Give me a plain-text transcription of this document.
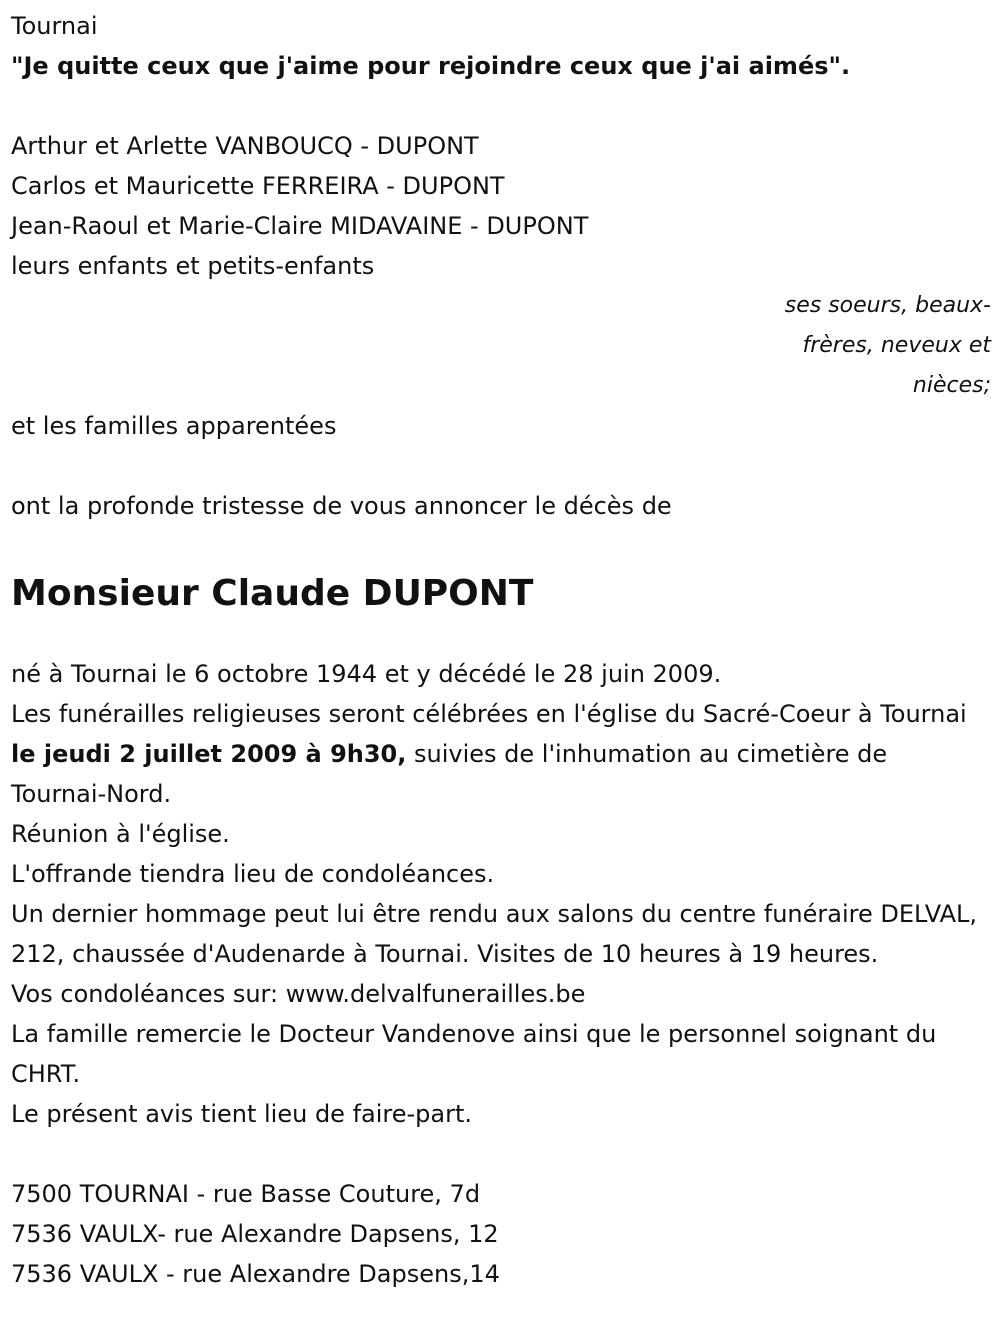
Tournai
"Je quitte ceux que j'aime pour rejoindre ceux que j'ai aimés".
Arthur et Arlette VANBOUCQ - DUPONT
Carlos et Mauricette FERREIRA - DUPONT
Jean-Raoul et Marie-Claire MIDAVAINE - DUPONT
leurs enfants et petits-enfants
ses soeurs, beaux-
frères, neveux et
nièces;
et les familles apparentées
ont la profonde tristesse de vous annoncer le décès de
Monsieur Claude DUPONT
né à Tournai le 6 octobre 1944 et y décédé le 28 juin 2009.
Les funérailles religieuses seront célébrées en l'église du Sacré-Coeur à Tournai le jeudi 2 juillet 2009 à 9h30, suivies de l'inhumation au cimetière de Tournai-Nord.
Réunion à l'église.
L'offrande tiendra lieu de condoléances.
Un dernier hommage peut lui être rendu aux salons du centre funéraire DELVAL, 212, chaussée d'Audenarde à Tournai. Visites de 10 heures à 19 heures.
Vos condoléances sur: www.delvalfunerailles.be
La famille remercie le Docteur Vandenove ainsi que le personnel soignant du CHRT.
Le présent avis tient lieu de faire-part.
7500 TOURNAI - rue Basse Couture, 7d
7536 VAULX- rue Alexandre Dapsens, 12
7536 VAULX - rue Alexandre Dapsens,14
